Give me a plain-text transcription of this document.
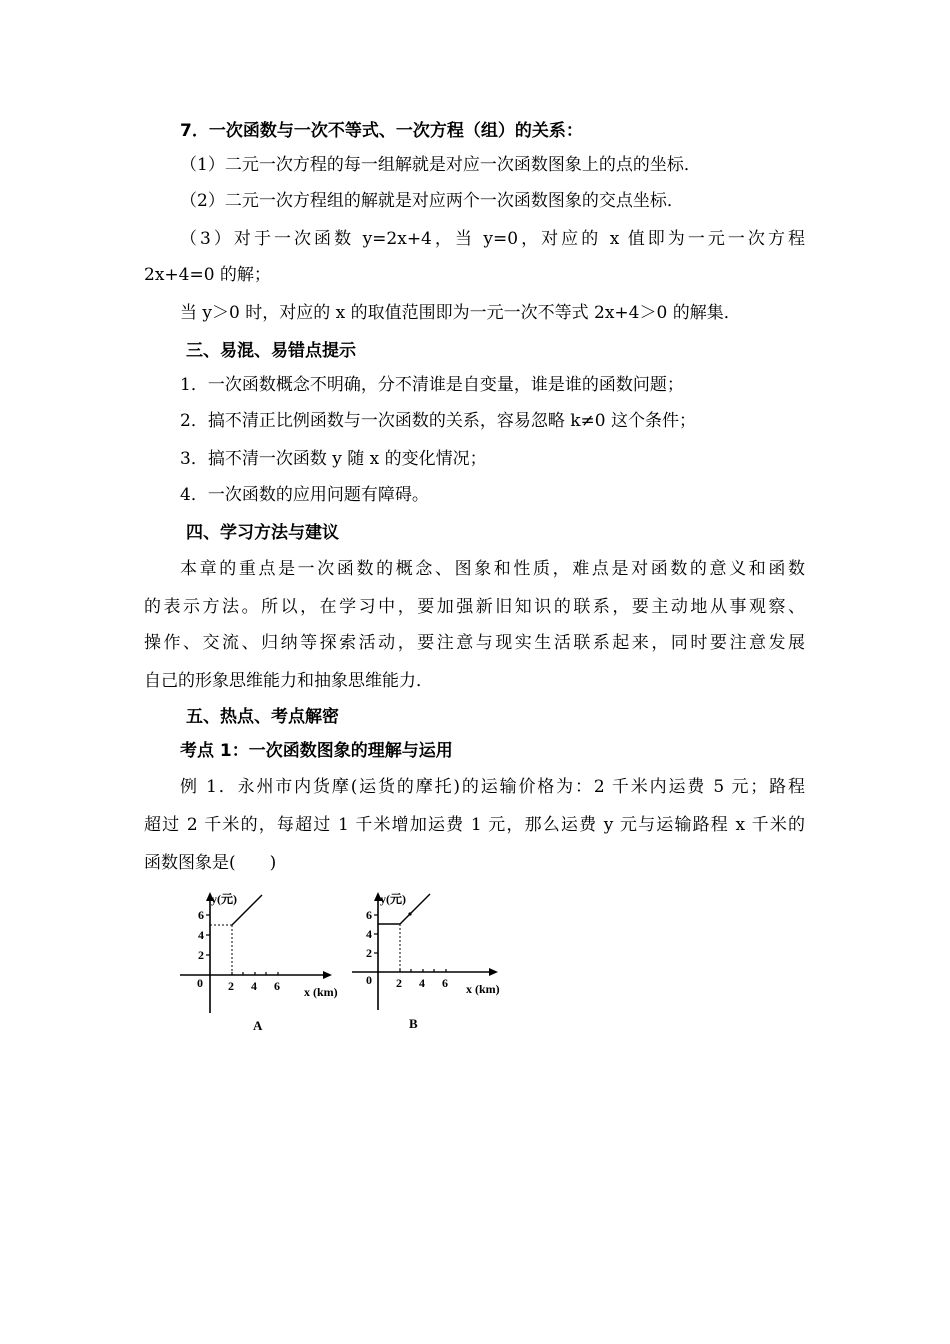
7．一次函数与一次不等式、一次方程（组）的关系：
（1）二元一次方程的每一组解就是对应一次函数图象上的点的坐标．
（2）二元一次方程组的解就是对应两个一次函数图象的交点坐标．
（3）对于一次函数 y=2x+4，当 y=0，对应的 x 值即为一元一次方程
2x+4=0 的解；
当 y＞0 时，对应的 x 的取值范围即为一元一次不等式 2x+4＞0 的解集．
三、易混、易错点提示
1．一次函数概念不明确，分不清谁是自变量，谁是谁的函数问题；
2．搞不清正比例函数与一次函数的关系，容易忽略 k≠0 这个条件；
3．搞不清一次函数 y 随 x 的变化情况；
4．一次函数的应用问题有障碍。
四、学习方法与建议
本章的重点是一次函数的概念、图象和性质，难点是对函数的意义和函数
的表示方法。所以，在学习中，要加强新旧知识的联系，要主动地从事观察、
操作、交流、归纳等探索活动，要注意与现实生活联系起来，同时要注意发展
自己的形象思维能力和抽象思维能力．
五、热点、考点解密
考点 1：一次函数图象的理解与运用
例 1．永州市内货摩(运货的摩托)的运输价格为：2 千米内运费 5 元；路程
超过 2 千米的，每超过 1 千米增加运费 1 元，那么运费 y 元与运输路程 x 千米的
函数图象是(　　)
y(元)
6
4
2
0 2 4 6 x (km)
A
y(元)
6
4
2
0 2 4 6 x (km)
B
